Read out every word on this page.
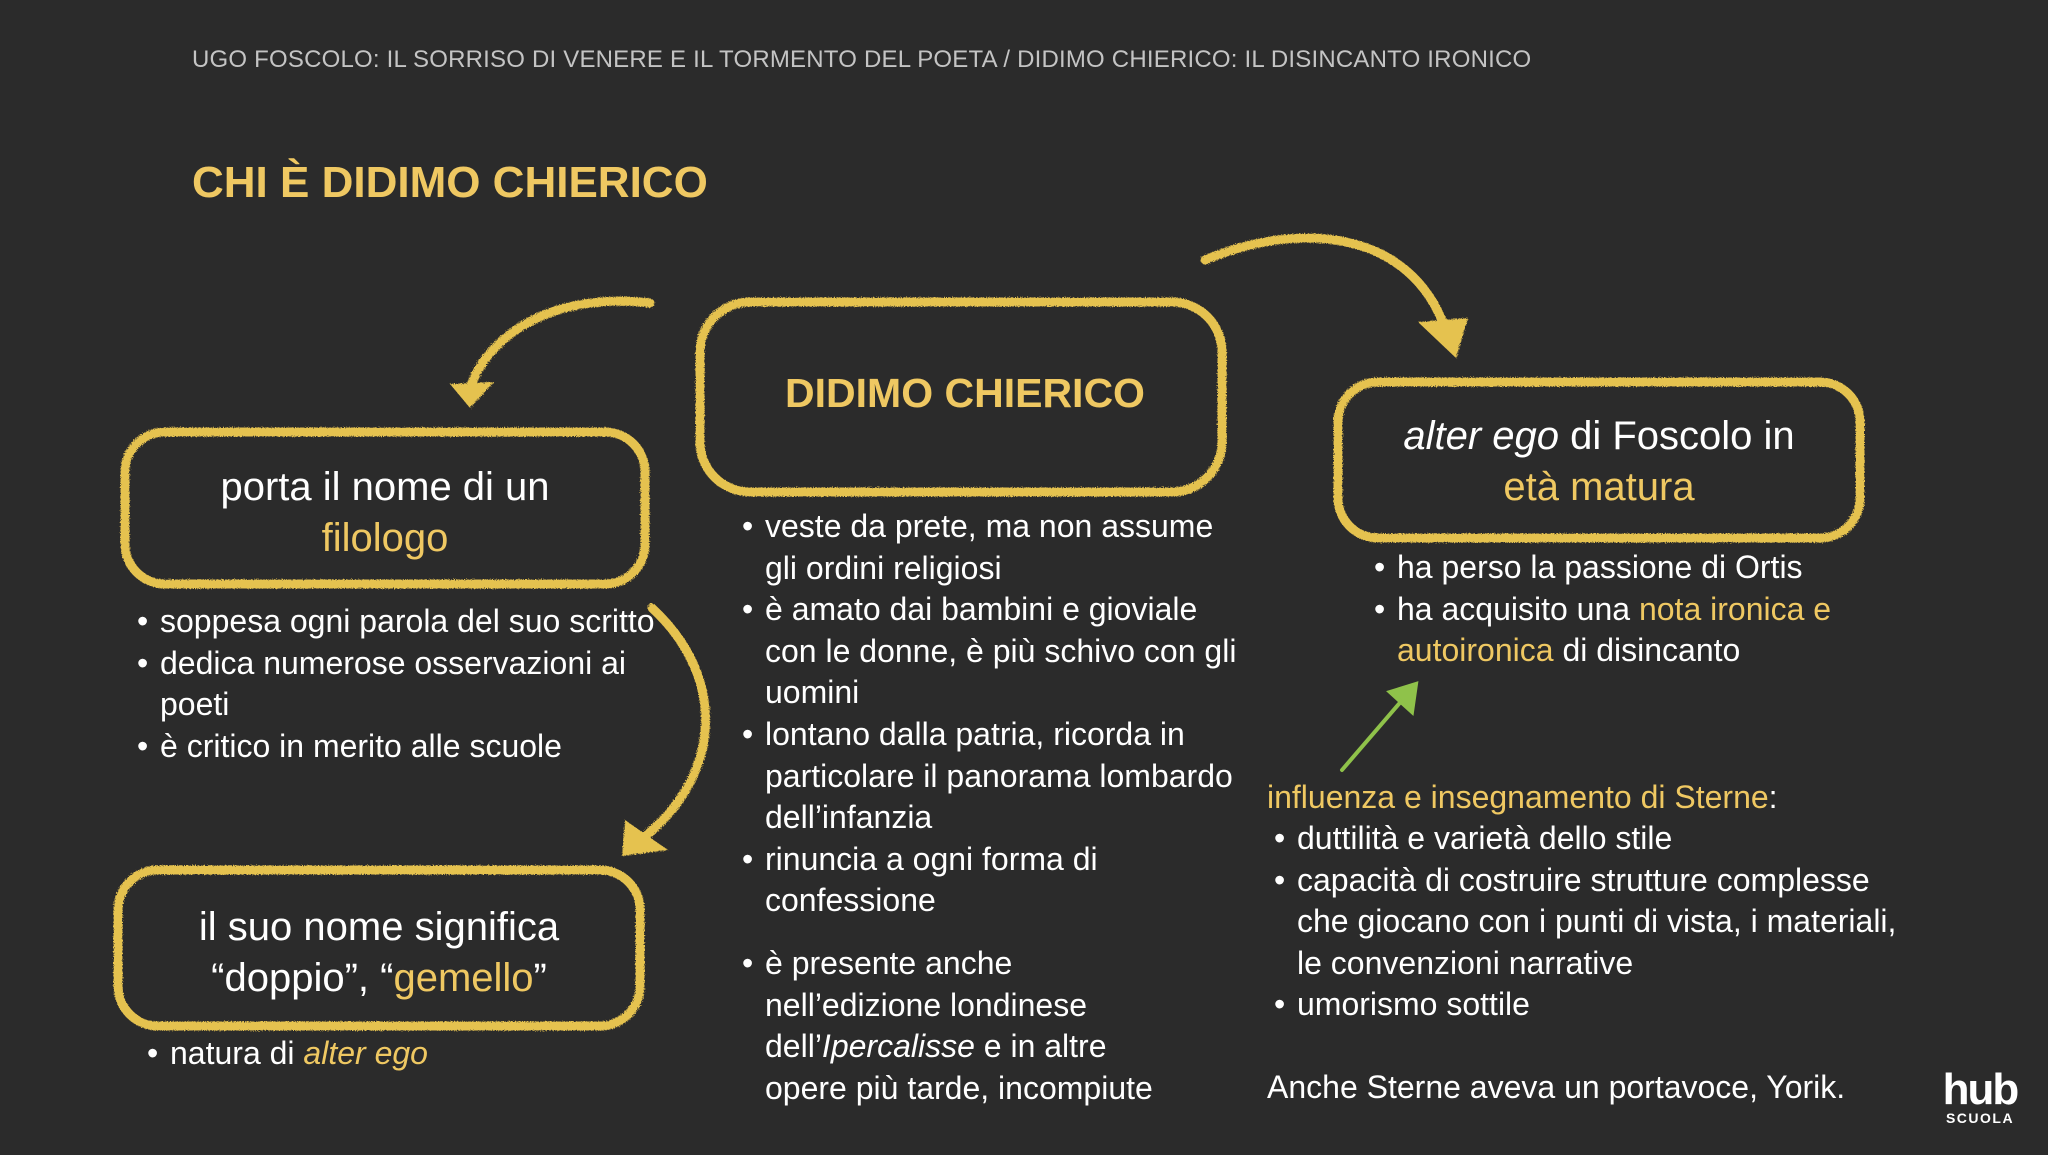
UGO FOSCOLO: IL SORRISO DI VENERE E IL TORMENTO DEL POETA / DIDIMO CHIERICO: IL DISINCANTO IRONICO
CHI È DIDIMO CHIERICO
DIDIMO CHIERICO
• veste da prete, ma non assume gli ordini religiosi
• è amato dai bambini e gioviale con le donne, è più schivo con gli uomini
• lontano dalla patria, ricorda in particolare il panorama lombardo dell’infanzia
• rinuncia a ogni forma di confessione
• è presente anche nell’edizione londinese dell’Ipercalisse e in altre opere più tarde, incompiute
porta il nome di un
filologo
• soppesa ogni parola del suo scritto
• dedica numerose osservazioni ai poeti
• è critico in merito alle scuole
il suo nome significa
“doppio”, “gemello”
• natura di alter ego
alter ego di Foscolo in
età matura
• ha perso la passione di Ortis
• ha acquisito una nota ironica e autoironica di disincanto
influenza e insegnamento di Sterne:
• duttilità e varietà dello stile
• capacità di costruire strutture complesse che giocano con i punti di vista, i materiali, le convenzioni narrative
• umorismo sottile
Anche Sterne aveva un portavoce, Yorik. hub
SCUOLA
